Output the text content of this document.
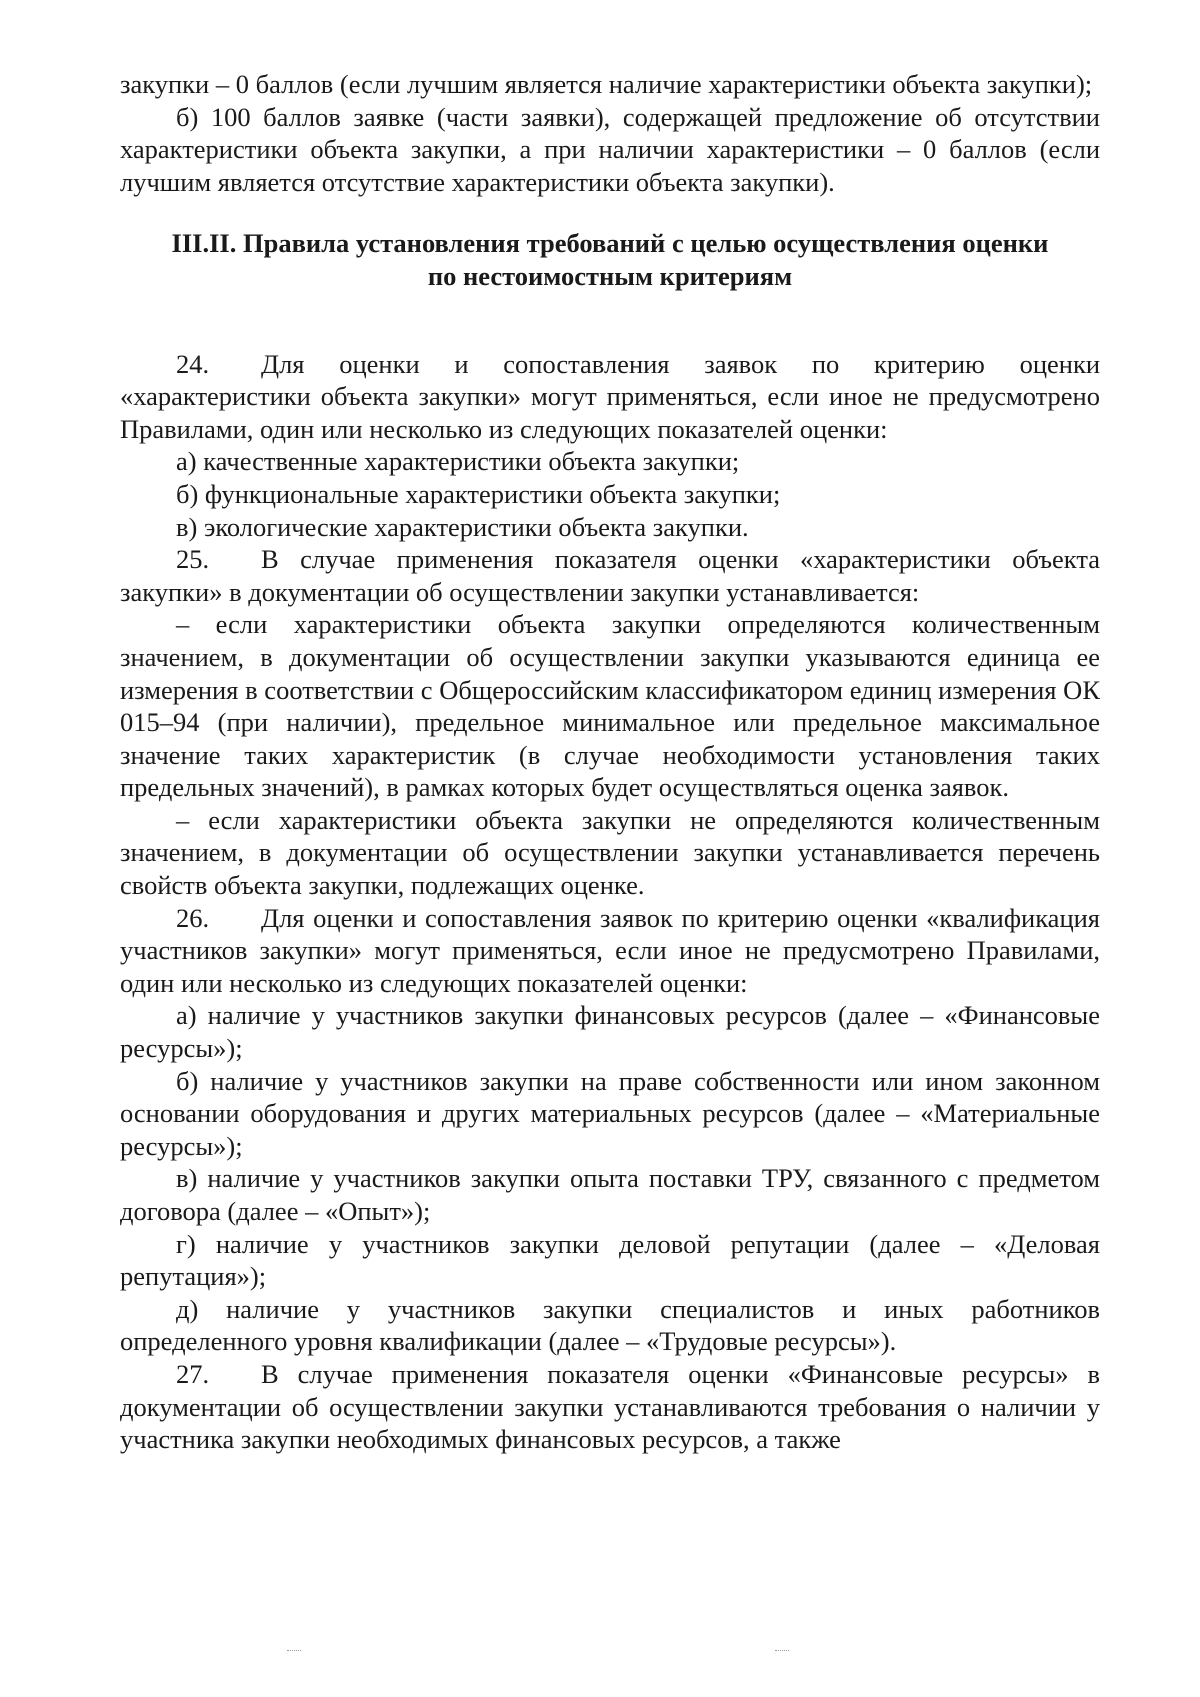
закупки – 0 баллов (если лучшим является наличие характеристики объекта закупки);

б) 100 баллов заявке (части заявки), содержащей предложение об отсутствии характеристики объекта закупки, а при наличии характеристики – 0 баллов (если лучшим является отсутствие характеристики объекта закупки).

III.II. Правила установления требований с целью осуществления оценки

по нестоимостным критериям

24. Для оценки и сопоставления заявок по критерию оценки «характеристики объекта закупки» могут применяться, если иное не предусмотрено Правилами, один или несколько из следующих показателей оценки:

а) качественные характеристики объекта закупки;

б) функциональные характеристики объекта закупки;

в) экологические характеристики объекта закупки.

25. В случае применения показателя оценки «характеристики объекта закупки» в документации об осуществлении закупки устанавливается:

– если характеристики объекта закупки определяются количественным значением, в документации об осуществлении закупки указываются единица ее измерения в соответствии с Общероссийским классификатором единиц измерения ОК 015–94 (при наличии), предельное минимальное или предельное максимальное значение таких характеристик (в случае необходимости установления таких предельных значений), в рамках которых будет осуществляться оценка заявок.

– если характеристики объекта закупки не определяются количественным значением, в документации об осуществлении закупки устанавливается перечень свойств объекта закупки, подлежащих оценке.

26. Для оценки и сопоставления заявок по критерию оценки «квалификация участников закупки» могут применяться, если иное не предусмотрено Правилами, один или несколько из следующих показателей оценки:

а) наличие у участников закупки финансовых ресурсов (далее – «Финансовые ресурсы»);

б) наличие у участников закупки на праве собственности или ином законном основании оборудования и других материальных ресурсов (далее – «Материальные ресурсы»);

в) наличие у участников закупки опыта поставки ТРУ, связанного с предметом договора (далее – «Опыт»);

г) наличие у участников закупки деловой репутации (далее – «Деловая репутация»);

д) наличие у участников закупки специалистов и иных работников определенного уровня квалификации (далее – «Трудовые ресурсы»).

27. В случае применения показателя оценки «Финансовые ресурсы» в документации об осуществлении закупки устанавливаются требования о наличии у участника закупки необходимых финансовых ресурсов, а также
